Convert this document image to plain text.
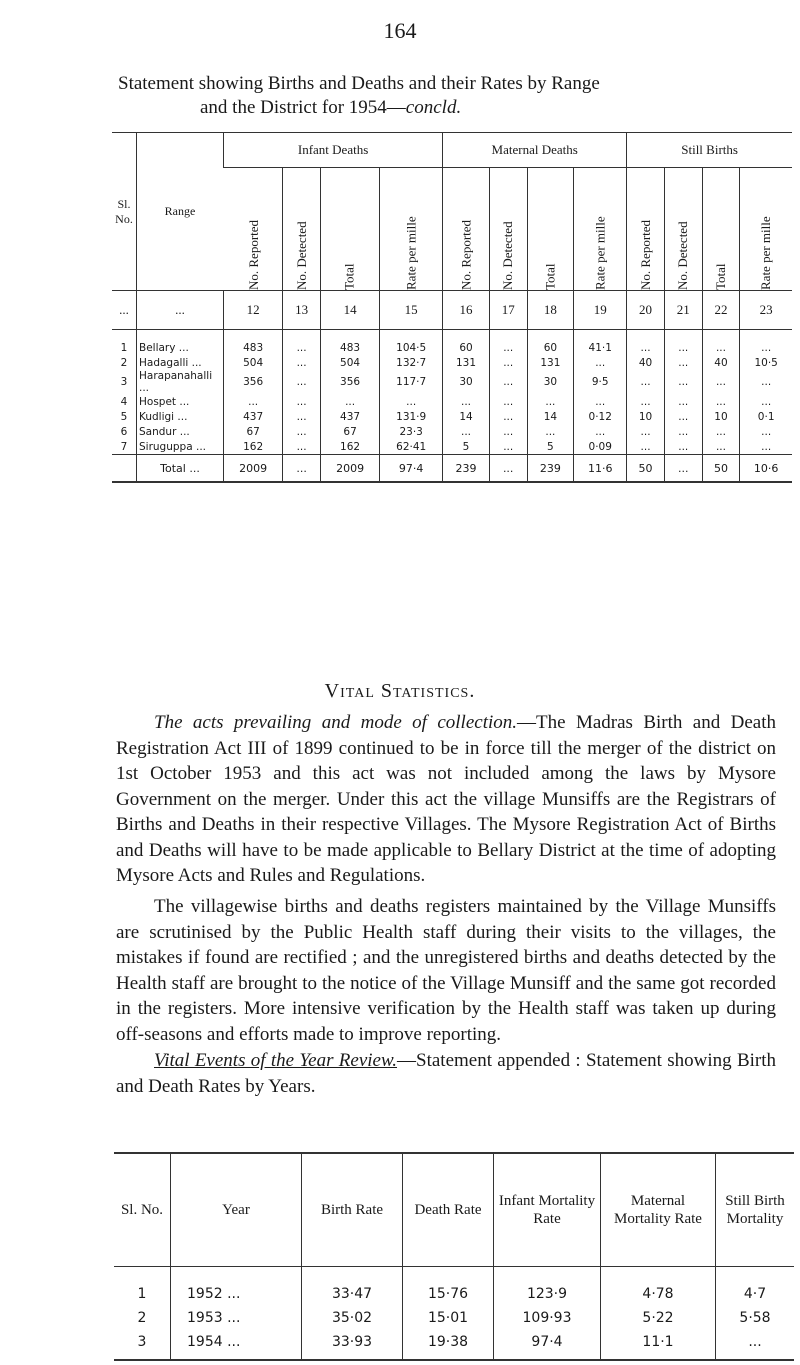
164
Statement showing Births and Deaths and their Rates by Range
and the District for 1954—concld.
Sl. No.	Range	Infant Deaths				Maternal Deaths				Still Births			
		No. Reported	No. Detected	Total	Rate per mille	No. Reported	No. Detected	Total	Rate per mille	No. Reported	No. Detected	Total	Rate per mille
...	...	12	13	14	15	16	17	18	19	20	21	22	23
1	Bellary ...	483	...	483	104·5	60	...	60	41·1	...	...	...	...
2	Hadagalli ...	504	...	504	132·7	131	...	131	...	40	...	40	10·5
3	Harapanahalli ...	356	...	356	117·7	30	...	30	9·5	...	...	...	...
4	Hospet ...	...	...	...	...	...	...	...	...	...	...	...	...
5	Kudligi ...	437	...	437	131·9	14	...	14	0·12	10	...	10	0·1
6	Sandur ...	67	...	67	23·3	...	...	...	...	...	...	...	...
7	Siruguppa ...	162	...	162	62·41	5	...	5	0·09	...	...	...	...
	Total ...	2009	...	2009	97·4	239	...	239	11·6	50	...	50	10·6
Vital Statistics.

The acts prevailing and mode of collection.—The Madras Birth and Death Registration Act III of 1899 continued to be in force till the merger of the district on 1st October 1953 and this act was not included among the laws by Mysore Government on the merger. Under this act the village Munsiffs are the Registrars of Births and Deaths in their respective Villages. The Mysore Registration Act of Births and Deaths will have to be made applicable to Bellary District at the time of adopting Mysore Acts and Rules and Regulations.

The villagewise births and deaths registers maintained by the Village Munsiffs are scrutinised by the Public Health staff during their visits to the villages, the mistakes if found are rectified ; and the unregistered births and deaths detected by the Health staff are brought to the notice of the Village Munsiff and the same got recorded in the registers. More intensive verification by the Health staff was taken up during off-seasons and efforts made to improve reporting.

Vital Events of the Year Review.—Statement appended : Statement showing Birth and Death Rates by Years.

Sl. No.	Year	Birth Rate	Death Rate	Infant Mortality Rate	Maternal Mortality Rate	Still Birth Mortality
1	1952 ...	33·47	15·76	123·9	4·78	4·7
2	1953 ...	35·02	15·01	109·93	5·22	5·58
3	1954 ...	33·93	19·38	97·4	11·1	...
